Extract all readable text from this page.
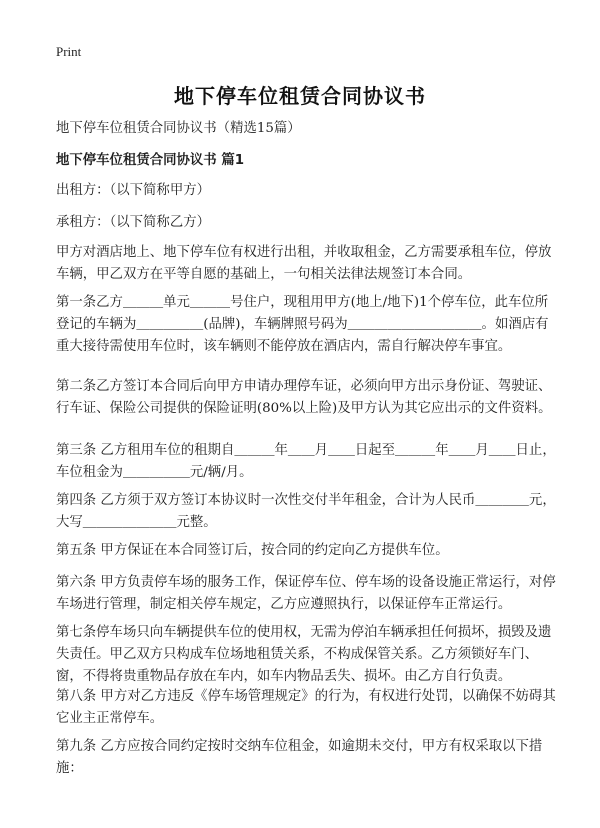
Print
地下停车位租赁合同协议书
地下停车位租赁合同协议书（精选15篇）
地下停车位租赁合同协议书 篇1
出租方：（以下简称甲方）
承租方：（以下简称乙方）
甲方对酒店地上、地下停车位有权进行出租，并收取租金，乙方需要承租车位，停放车辆，甲乙双方在平等自愿的基础上，一句相关法律法规签订本合同。
第一条乙方＿＿＿单元＿＿＿号住户，现租用甲方(地上/地下)1个停车位，此车位所登记的车辆为＿＿＿＿＿(品牌)，车辆牌照号码为＿＿＿＿＿＿＿＿＿＿。如酒店有重大接待需使用车位时，该车辆则不能停放在酒店内，需自行解决停车事宜。
第二条乙方签订本合同后向甲方申请办理停车证，必须向甲方出示身份证、驾驶证、行车证、保险公司提供的保险证明(80%以上险)及甲方认为其它应出示的文件资料。
第三条 乙方租用车位的租期自＿＿＿年＿＿月＿＿日起至＿＿＿年＿＿月＿＿日止，车位租金为＿＿＿＿＿元/辆/月。
第四条 乙方须于双方签订本协议时一次性交付半年租金，合计为人民币＿＿＿＿元，大写＿＿＿＿＿＿＿元整。
第五条 甲方保证在本合同签订后，按合同的约定向乙方提供车位。
第六条 甲方负责停车场的服务工作，保证停车位、停车场的设备设施正常运行，对停车场进行管理，制定相关停车规定，乙方应遵照执行，以保证停车正常运行。
第七条停车场只向车辆提供车位的使用权，无需为停泊车辆承担任何损坏，损毁及遗失责任。甲乙双方只构成车位场地租赁关系，不构成保管关系。乙方须锁好车门、窗，不得将贵重物品存放在车内，如车内物品丢失、损坏。由乙方自行负责。
第八条 甲方对乙方违反《停车场管理规定》的行为，有权进行处罚，以确保不妨碍其它业主正常停车。
第九条 乙方应按合同约定按时交纳车位租金，如逾期未交付，甲方有权采取以下措施：
